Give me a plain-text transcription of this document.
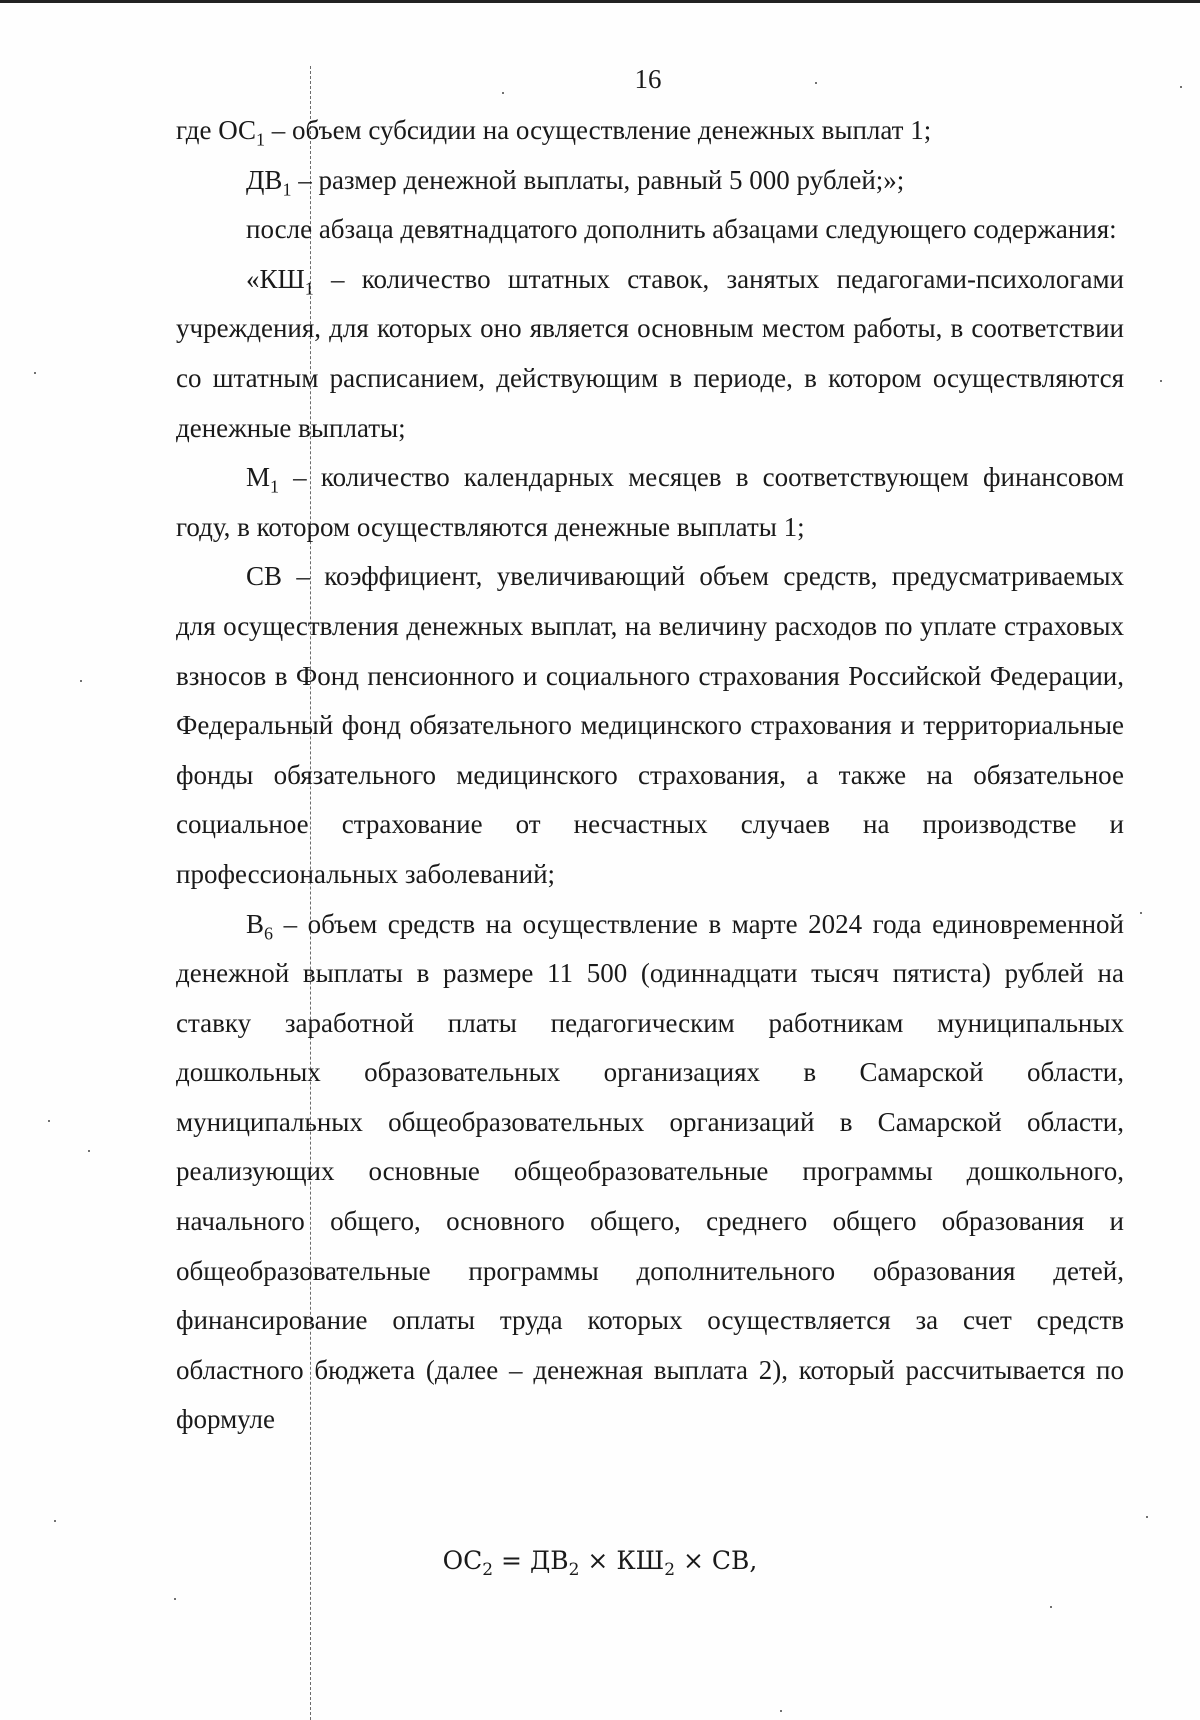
16

где $ОС_1$ – объем субсидии на осуществление денежных выплат 1;

$ДВ_1$ – размер денежной выплаты, равный 5 000 рублей;»;

после абзаца девятнадцатого дополнить абзацами следующего содержания:

«$КШ_1$ – количество штатных ставок, занятых педагогами-психологами учреждения, для которых оно является основным местом работы, в соответствии со штатным расписанием, действующим в периоде, в котором осуществляются денежные выплаты;

$М_1$ – количество календарных месяцев в соответствующем финансовом году, в котором осуществляются денежные выплаты 1;

СВ – коэффициент, увеличивающий объем средств, предусматриваемых для осуществления денежных выплат, на величину расходов по уплате страховых взносов в Фонд пенсионного и социального страхования Российской Федерации, Федеральный фонд обязательного медицинского страхования и территориальные фонды обязательного медицинского страхования, а также на обязательное социальное страхование от несчастных случаев на производстве и профессиональных заболеваний;

$В_6$ – объем средств на осуществление в марте 2024 года единовременной денежной выплаты в размере 11 500 (одиннадцати тысяч пятиста) рублей на ставку заработной платы педагогическим работникам муниципальных дошкольных образовательных организациях в Самарской области, муниципальных общеобразовательных организаций в Самарской области, реализующих основные общеобразовательные программы дошкольного, начального общего, основного общего, среднего общего образования и общеобразовательные программы дополнительного образования детей, финансирование оплаты труда которых осуществляется за счет средств областного бюджета (далее – денежная выплата 2), который рассчитывается по формуле

$ОС_2 = ДВ_2 \times КШ_2$ × СВ,
